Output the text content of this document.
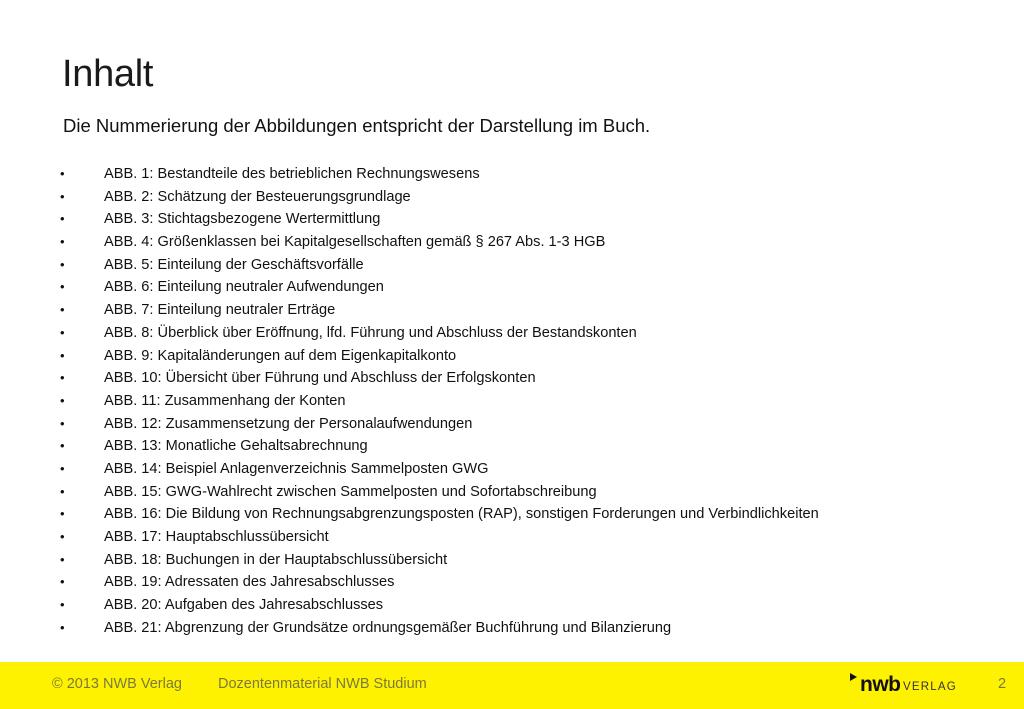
Inhalt

Die Nummerierung der Abbildungen entspricht der Darstellung im Buch.

•	ABB. 1: Bestandteile des betrieblichen Rechnungswesens
•	ABB. 2: Schätzung der Besteuerungsgrundlage
•	ABB. 3: Stichtagsbezogene Wertermittlung
•	ABB. 4: Größenklassen bei Kapitalgesellschaften gemäß § 267 Abs. 1-3 HGB
•	ABB. 5: Einteilung der Geschäftsvorfälle
•	ABB. 6: Einteilung neutraler Aufwendungen
•	ABB. 7: Einteilung neutraler Erträge
•	ABB. 8: Überblick über Eröffnung, lfd. Führung und Abschluss der Bestandskonten
•	ABB. 9: Kapitaländerungen auf dem Eigenkapitalkonto
•	ABB. 10: Übersicht über Führung und Abschluss der Erfolgskonten
•	ABB. 11: Zusammenhang der Konten
•	ABB. 12: Zusammensetzung der Personalaufwendungen
•	ABB. 13: Monatliche Gehaltsabrechnung
•	ABB. 14: Beispiel Anlagenverzeichnis Sammelposten GWG
•	ABB. 15: GWG-Wahlrecht zwischen Sammelposten und Sofortabschreibung
•	ABB. 16: Die Bildung von Rechnungsabgrenzungsposten (RAP), sonstigen Forderungen und Verbindlichkeiten
•	ABB. 17: Hauptabschlussübersicht
•	ABB. 18: Buchungen in der Hauptabschlussübersicht
•	ABB. 19: Adressaten des Jahresabschlusses
•	ABB. 20: Aufgaben des Jahresabschlusses
•	ABB. 21: Abgrenzung der Grundsätze ordnungsgemäßer Buchführung und Bilanzierung
© 2013 NWB Verlag Dozentenmaterial NWB Studium	nwb VERLAG	2
